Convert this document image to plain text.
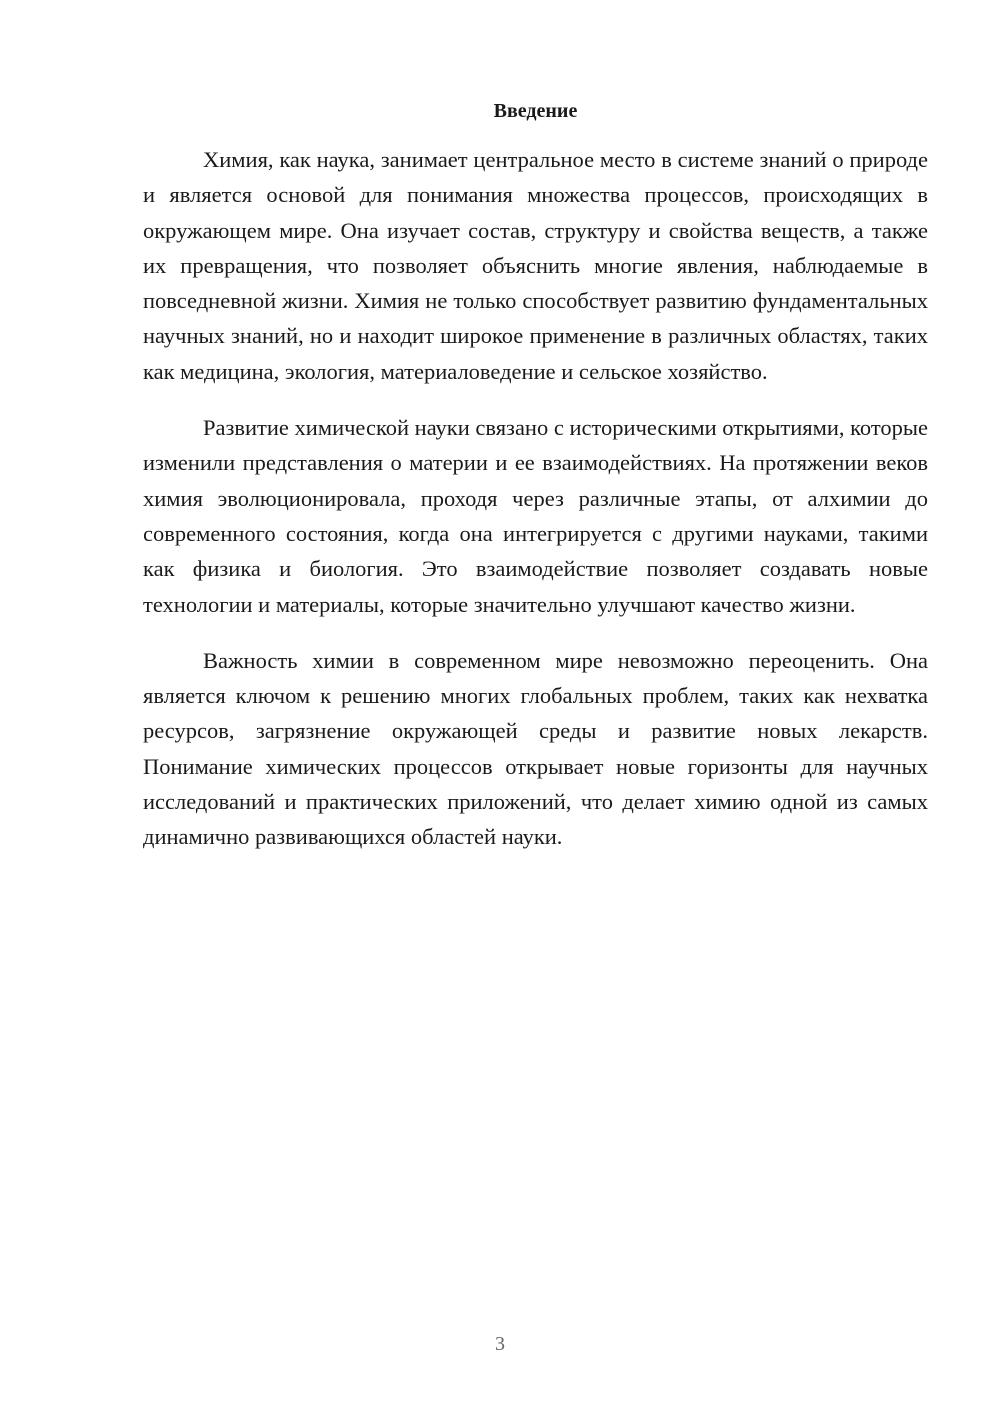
Введение

Химия, как наука, занимает центральное место в системе знаний о природе и является основой для понимания множества процессов, происходящих в окружающем мире. Она изучает состав, структуру и свойства веществ, а также их превращения, что позволяет объяснить многие явления, наблюдаемые в повседневной жизни. Химия не только способствует развитию фундаментальных научных знаний, но и находит широкое применение в различных областях, таких как медицина, экология, материаловедение и сельское хозяйство.

Развитие химической науки связано с историческими открытиями, которые изменили представления о материи и ее взаимодействиях. На протяжении веков химия эволюционировала, проходя через различные этапы, от алхимии до современного состояния, когда она интегрируется с другими науками, такими как физика и биология. Это взаимодействие позволяет создавать новые технологии и материалы, которые значительно улучшают качество жизни.

Важность химии в современном мире невозможно переоценить. Она является ключом к решению многих глобальных проблем, таких как нехватка ресурсов, загрязнение окружающей среды и развитие новых лекарств. Понимание химических процессов открывает новые горизонты для научных исследований и практических приложений, что делает химию одной из самых динамично развивающихся областей науки.

3
